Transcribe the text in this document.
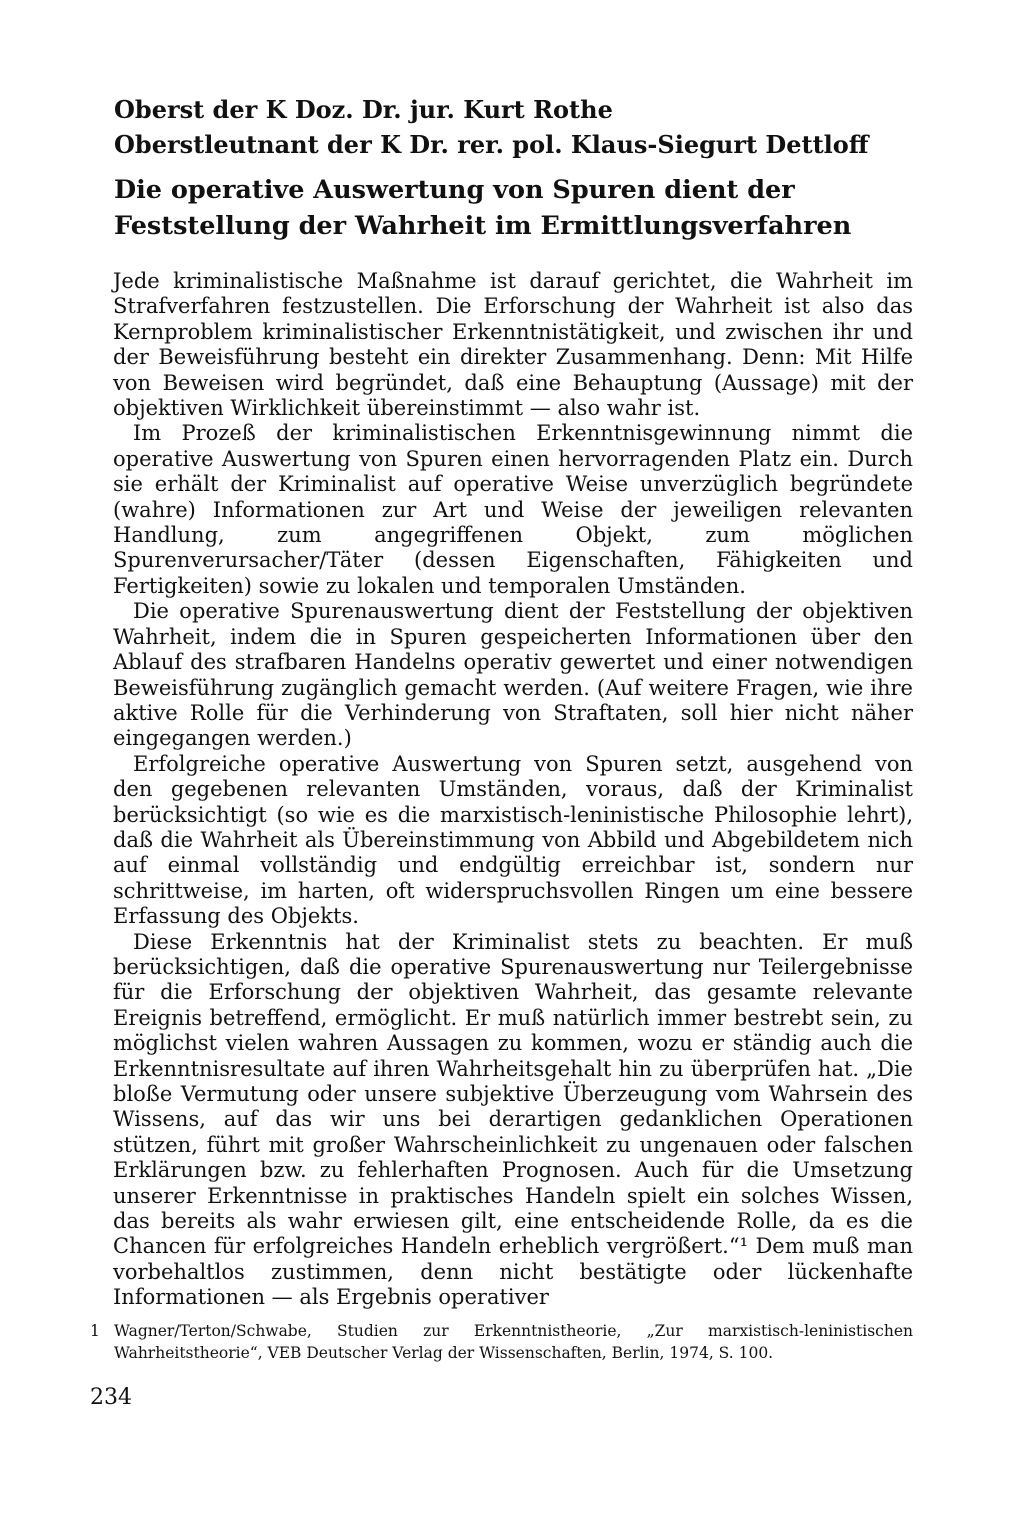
Oberst der K Doz. Dr. jur. Kurt Rothe
Oberstleutnant der K Dr. rer. pol. Klaus-Siegurt Dettloff
Die operative Auswertung von Spuren dient der
Feststellung der Wahrheit im Ermittlungsverfahren

Jede kriminalistische Maßnahme ist darauf gerichtet, die Wahrheit im Strafverfahren festzustellen. Die Erforschung der Wahrheit ist also das Kernproblem kriminalistischer Erkenntnistätigkeit, und zwischen ihr und der Beweisführung besteht ein direkter Zusammenhang. Denn: Mit Hilfe von Beweisen wird begründet, daß eine Behauptung (Aussage) mit der objektiven Wirklichkeit übereinstimmt — also wahr ist.

Im Prozeß der kriminalistischen Erkenntnisgewinnung nimmt die operative Auswertung von Spuren einen hervorragenden Platz ein. Durch sie erhält der Kriminalist auf operative Weise unverzüglich begründete (wahre) Informationen zur Art und Weise der jeweiligen relevanten Handlung, zum angegriffenen Objekt, zum möglichen Spurenverursacher/Täter (dessen Eigenschaften, Fähigkeiten und Fertigkeiten) sowie zu lokalen und temporalen Umständen.

Die operative Spurenauswertung dient der Feststellung der objektiven Wahrheit, indem die in Spuren gespeicherten Informationen über den Ablauf des strafbaren Handelns operativ gewertet und einer notwendigen Beweisführung zugänglich gemacht werden. (Auf weitere Fragen, wie ihre aktive Rolle für die Verhinderung von Straftaten, soll hier nicht näher eingegangen werden.)

Erfolgreiche operative Auswertung von Spuren setzt, ausgehend von den gegebenen relevanten Umständen, voraus, daß der Kriminalist berücksichtigt (so wie es die marxistisch-leninistische Philosophie lehrt), daß die Wahrheit als Übereinstimmung von Abbild und Abgebildetem nich auf einmal vollständig und endgültig erreichbar ist, sondern nur schrittweise, im harten, oft widerspruchsvollen Ringen um eine bessere Erfassung des Objekts.

Diese Erkenntnis hat der Kriminalist stets zu beachten. Er muß berücksichtigen, daß die operative Spurenauswertung nur Teilergebnisse für die Erforschung der objektiven Wahrheit, das gesamte relevante Ereignis betreffend, ermöglicht. Er muß natürlich immer bestrebt sein, zu möglichst vielen wahren Aussagen zu kommen, wozu er ständig auch die Erkenntnisresultate auf ihren Wahrheitsgehalt hin zu überprüfen hat. „Die bloße Vermutung oder unsere subjektive Überzeugung vom Wahrsein des Wissens, auf das wir uns bei derartigen gedanklichen Operationen stützen, führt mit großer Wahrscheinlichkeit zu ungenauen oder falschen Erklärungen bzw. zu fehlerhaften Prognosen. Auch für die Umsetzung unserer Erkenntnisse in praktisches Handeln spielt ein solches Wissen, das bereits als wahr erwiesen gilt, eine entscheidende Rolle, da es die Chancen für erfolgreiches Handeln erheblich vergrößert.“¹ Dem muß man vorbehaltlos zustimmen, denn nicht bestätigte oder lückenhafte Informationen — als Ergebnis operativer

1 Wagner/Terton/Schwabe, Studien zur Erkenntnistheorie, „Zur marxistisch-leninistischen Wahrheitstheorie“, VEB Deutscher Verlag der Wissenschaften, Berlin, 1974, S. 100.
234
